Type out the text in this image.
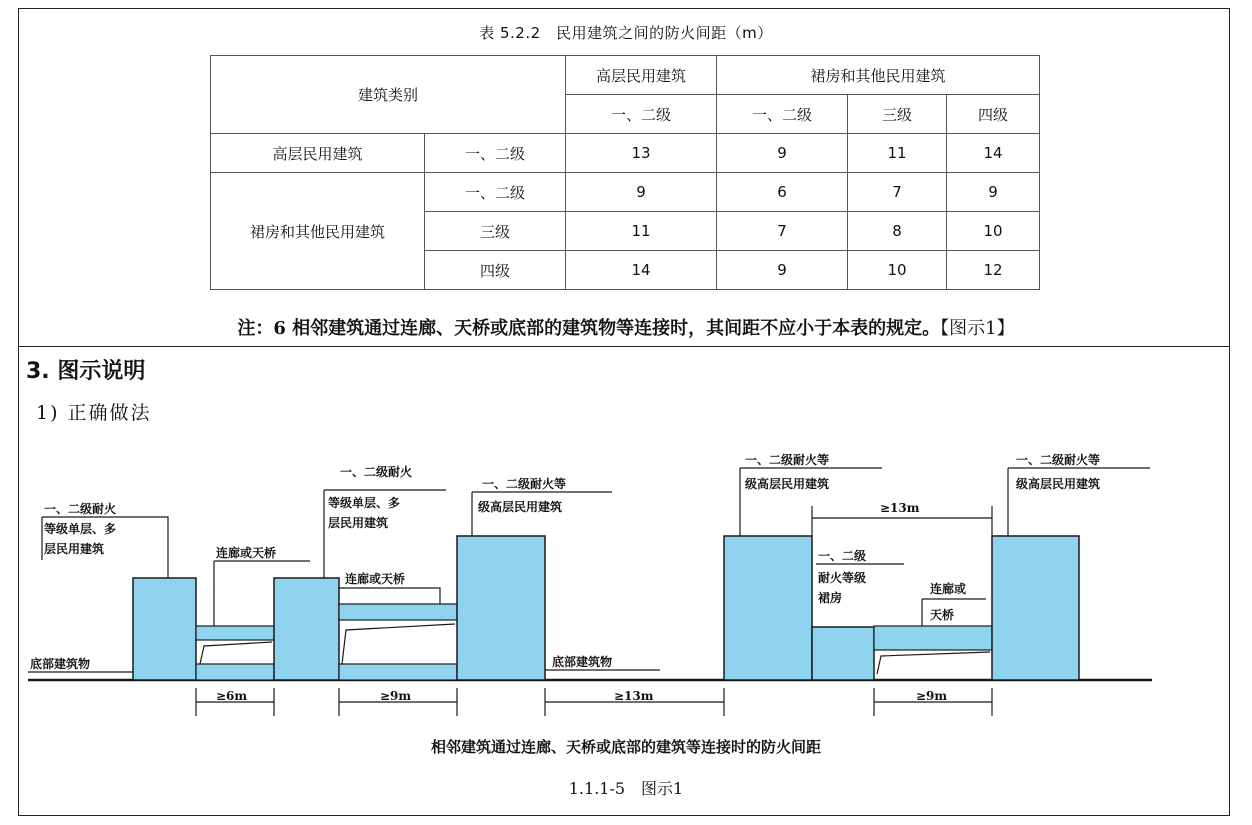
表 5.2.2　民用建筑之间的防火间距（m）
建筑类别		高层民用建筑	裙房和其他民用建筑		
		一、二级	一、二级	三级	四级
高层民用建筑	一、二级	13	9	11	14
裙房和其他民用建筑	一、二级	9	6	7	9
	三级	11	7	8	10
	四级	14	9	10	12
注：6 相邻建筑通过连廊、天桥或底部的建筑物等连接时，其间距不应小于本表的规定。【图示1】
3. 图示说明
1) 正确做法
一、二级耐火
等级单层、多
层民用建筑	连廊或天桥
一、二级耐火
等级单层、多
层民用建筑
连廊或天桥
一、二级耐火等
级高层民用建筑
底部建筑物	底部建筑物
一、二级耐火等
级高层民用建筑
一、二级
耐火等级
裙房
连廊或
天桥
一、二级耐火等
级高层民用建筑
≥13m
≥6m	≥9m	≥13m	≥9m
相邻建筑通过连廊、天桥或底部的建筑等连接时的防火间距
1.1.1-5　图示1
